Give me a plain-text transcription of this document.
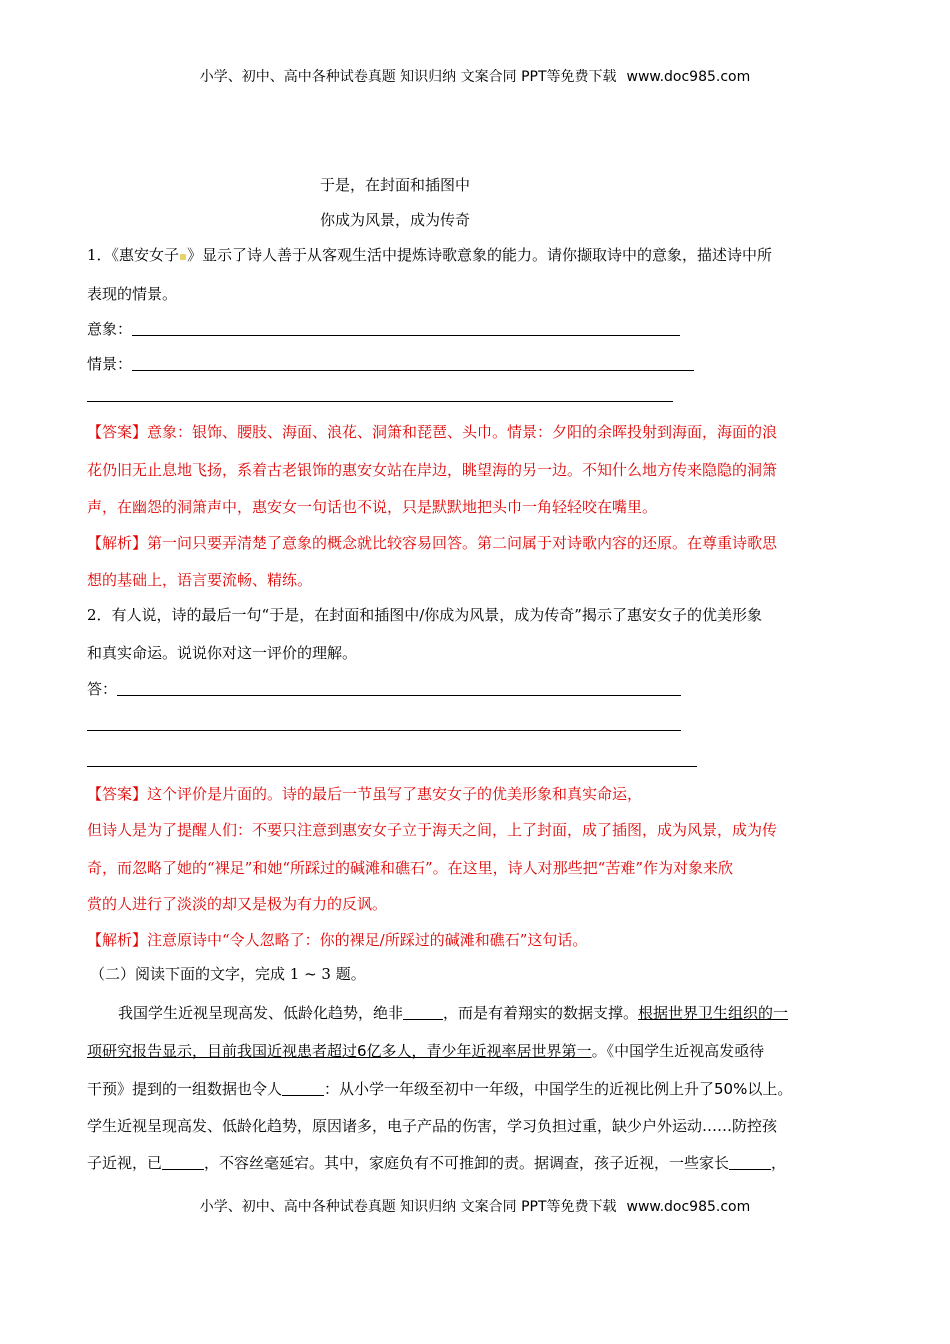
小学、初中、高中各种试卷真题 知识归纳 文案合同 PPT等免费下载 www.doc985.com
于是，在封面和插图中
你成为风景，成为传奇
1．《惠安女子 》显示了诗人善于从客观生活中提炼诗歌意象的能力。请你撷取诗中的意象，描述诗中所
表现的情景。
意象：
情景：
【答案】意象：银饰、腰肢、海面、浪花、洞箫和琵琶、头巾。情景：夕阳的余晖投射到海面，海面的浪
花仍旧无止息地飞扬，系着古老银饰的惠安女站在岸边，眺望海的另一边。不知什么地方传来隐隐的洞箫
声，在幽怨的洞箫声中，惠安女一句话也不说，只是默默地把头巾一角轻轻咬在嘴里。
【解析】第一问只要弄清楚了意象的概念就比较容易回答。第二问属于对诗歌内容的还原。在尊重诗歌思
想的基础上，语言要流畅、精练。
2．有人说，诗的最后一句“于是，在封面和插图中/你成为风景，成为传奇”揭示了惠安女子的优美形象
和真实命运。说说你对这一评价的理解。
答：
【答案】这个评价是片面的。诗的最后一节虽写了惠安女子的优美形象和真实命运，
但诗人是为了提醒人们：不要只注意到惠安女子立于海天之间，上了封面，成了插图，成为风景，成为传
奇，而忽略了她的“裸足”和她“所踩过的碱滩和礁石”。在这里，诗人对那些把“苦难”作为对象来欣
赏的人进行了淡淡的却又是极为有力的反讽。
【解析】注意原诗中“令人忽略了：你的裸足/所踩过的碱滩和礁石”这句话。
（二）阅读下面的文字，完成 1 ~ 3 题。
我国学生近视呈现高发、低龄化趋势，绝非	，而是有着翔实的数据支撑。根据世界卫生组织的一
项研究报告显示，目前我国近视患者超过6亿多人，青少年近视率居世界第一。《中国学生近视高发亟待
干预》提到的一组数据也令人	：从小学一年级至初中一年级，中国学生的近视比例上升了50%以上。
学生近视呈现高发、低龄化趋势，原因诸多，电子产品的伤害，学习负担过重，缺少户外运动……防控孩
子近视，已	，不容丝毫延宕。其中，家庭负有不可推卸的责。据调查，孩子近视，一些家长	，
小学、初中、高中各种试卷真题 知识归纳 文案合同 PPT等免费下载 www.doc985.com
